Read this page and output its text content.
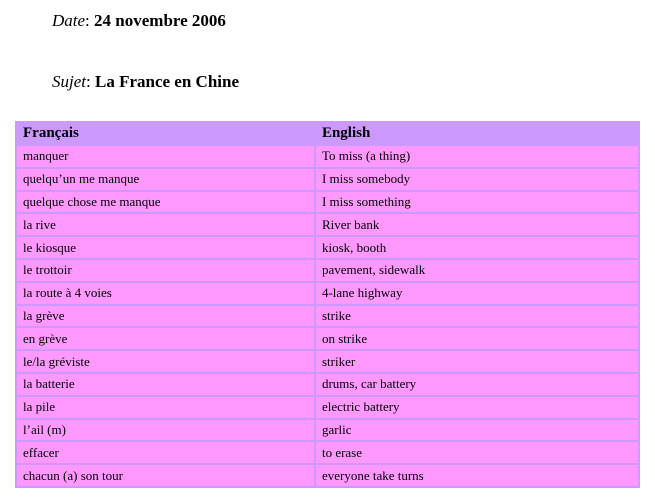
Date: 24 novembre 2006
Sujet: La France en Chine
Français	English
manquer	To miss (a thing)
quelqu’un me manque	I miss somebody
quelque chose me manque	I miss something
la rive	River bank
le kiosque	kiosk, booth
le trottoir	pavement, sidewalk
la route à 4 voies	4-lane highway
la grève	strike
en grève	on strike
le/la gréviste	striker
la batterie	drums, car battery
la pile	electric battery
l’ail (m)	garlic
effacer	to erase
chacun (a) son tour	everyone take turns
